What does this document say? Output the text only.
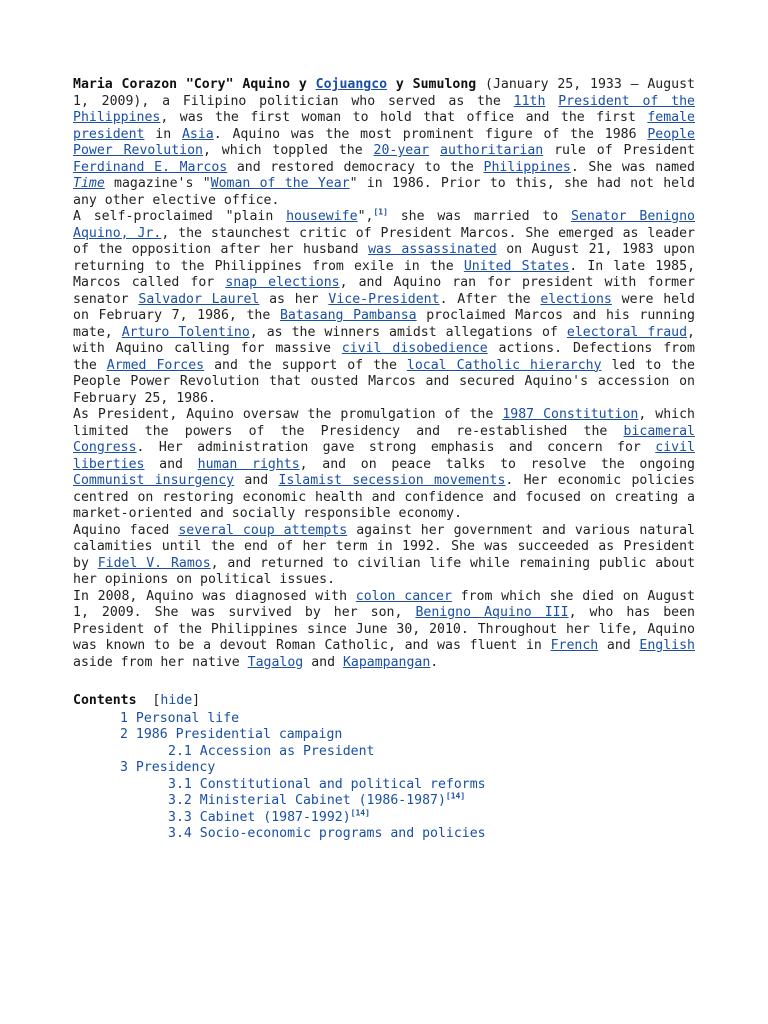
Maria Corazon "Cory" Aquino y Cojuangco y Sumulong (January 25, 1933 – August 1, 2009), a Filipino politician who served as the 11th President of the Philippines, was the first woman to hold that office and the first female president in Asia. Aquino was the most prominent figure of the 1986 People Power Revolution, which toppled the 20-year authoritarian rule of President Ferdinand E. Marcos and restored democracy to the Philippines. She was named Time magazine's "Woman of the Year" in 1986. Prior to this, she had not held any other elective office.

A self-proclaimed "plain housewife",[1] she was married to Senator Benigno Aquino, Jr., the staunchest critic of President Marcos. She emerged as leader of the opposition after her husband was assassinated on August 21, 1983 upon returning to the Philippines from exile in the United States. In late 1985, Marcos called for snap elections, and Aquino ran for president with former senator Salvador Laurel as her Vice-President. After the elections were held on February 7, 1986, the Batasang Pambansa proclaimed Marcos and his running mate, Arturo Tolentino, as the winners amidst allegations of electoral fraud, with Aquino calling for massive civil disobedience actions. Defections from the Armed Forces and the support of the local Catholic hierarchy led to the People Power Revolution that ousted Marcos and secured Aquino's accession on February 25, 1986.

As President, Aquino oversaw the promulgation of the 1987 Constitution, which limited the powers of the Presidency and re-established the bicameral Congress. Her administration gave strong emphasis and concern for civil liberties and human rights, and on peace talks to resolve the ongoing Communist insurgency and Islamist secession movements. Her economic policies centred on restoring economic health and confidence and focused on creating a market-oriented and socially responsible economy.

Aquino faced several coup attempts against her government and various natural calamities until the end of her term in 1992. She was succeeded as President by Fidel V. Ramos, and returned to civilian life while remaining public about her opinions on political issues.

In 2008, Aquino was diagnosed with colon cancer from which she died on August 1, 2009. She was survived by her son, Benigno Aquino III, who has been President of the Philippines since June 30, 2010. Throughout her life, Aquino was known to be a devout Roman Catholic, and was fluent in French and English aside from her native Tagalog and Kapampangan.

Contents [hide]
1 Personal life
2 1986 Presidential campaign
2.1 Accession as President
3 Presidency
3.1 Constitutional and political reforms
3.2 Ministerial Cabinet (1986-1987)[14]
3.3 Cabinet (1987-1992)[14]
3.4 Socio-economic programs and policies
